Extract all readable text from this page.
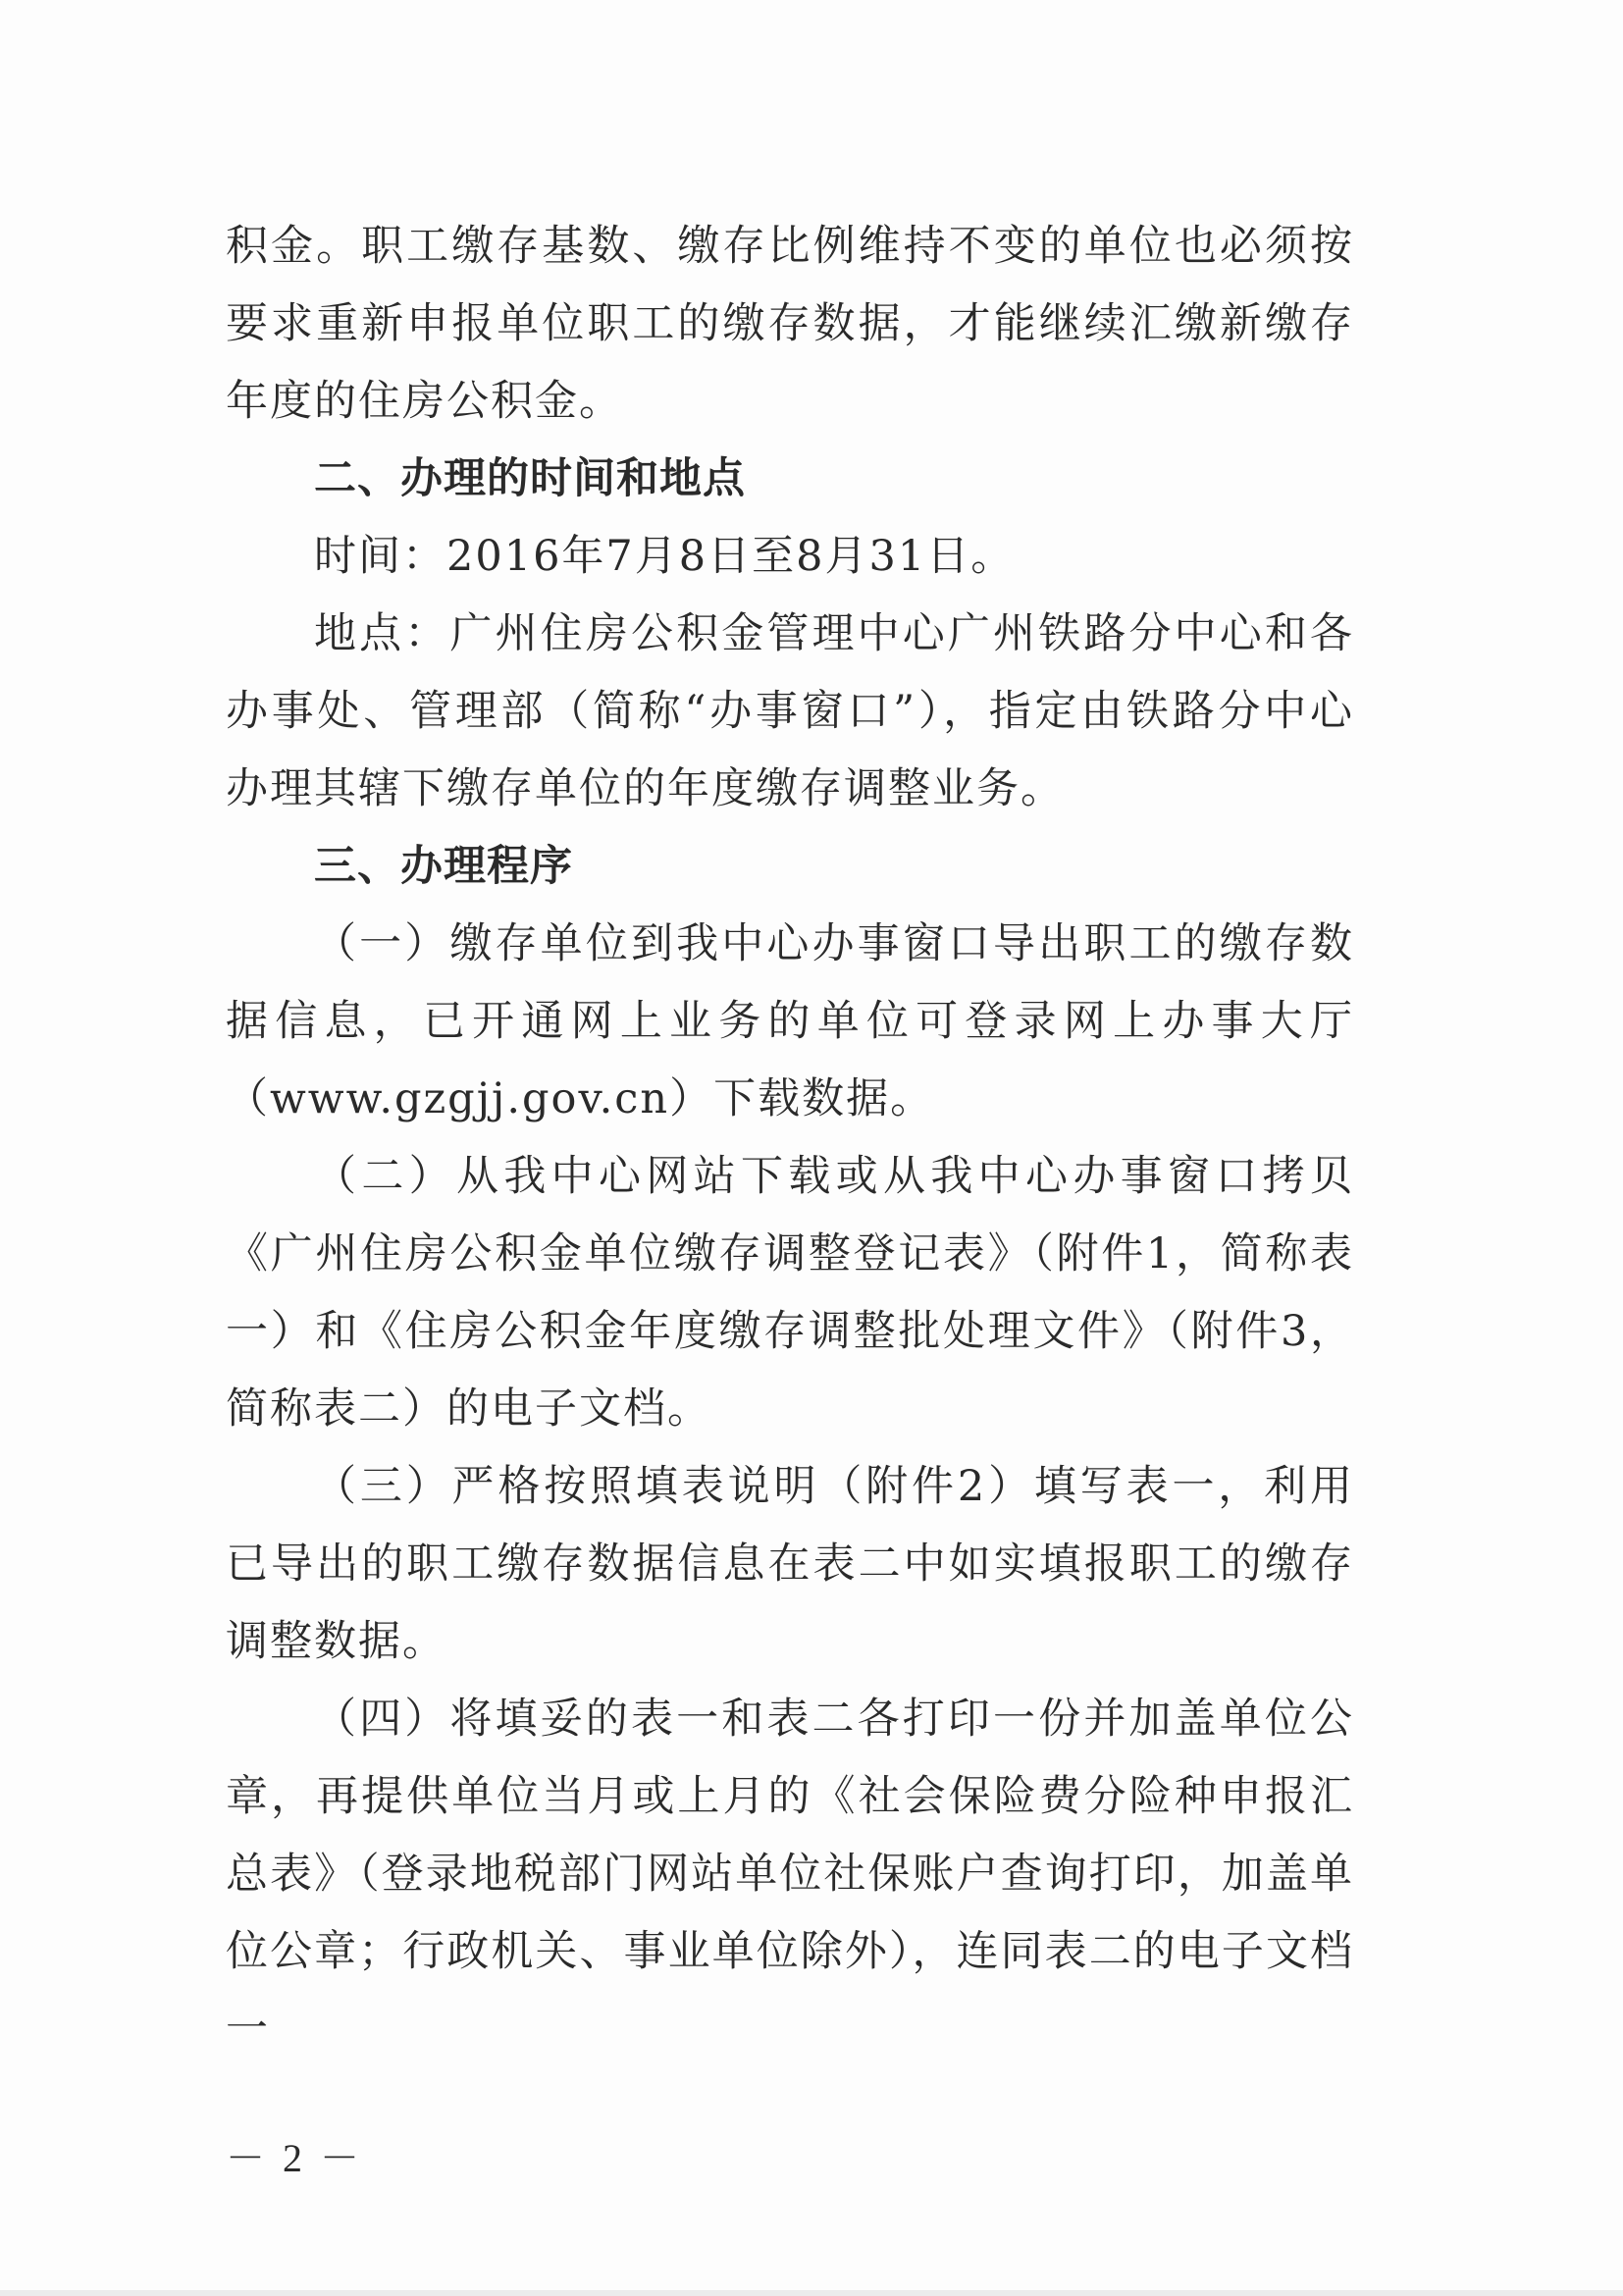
积金。职工缴存基数、缴存比例维持不变的单位也必须按要求重新申报单位职工的缴存数据，才能继续汇缴新缴存年度的住房公积金。

二、办理的时间和地点

时间：2016年7月8日至8月31日。

地点：广州住房公积金管理中心广州铁路分中心和各办事处、管理部（简称“办事窗口”），指定由铁路分中心办理其辖下缴存单位的年度缴存调整业务。

三、办理程序

（一）缴存单位到我中心办事窗口导出职工的缴存数据信息，已开通网上业务的单位可登录网上办事大厅（www.gzgjj.gov.cn）下载数据。

（二）从我中心网站下载或从我中心办事窗口拷贝《广州住房公积金单位缴存调整登记表》（附件1，简称表一）和《住房公积金年度缴存调整批处理文件》（附件3，简称表二）的电子文档。

（三）严格按照填表说明（附件2）填写表一，利用已导出的职工缴存数据信息在表二中如实填报职工的缴存调整数据。

（四）将填妥的表一和表二各打印一份并加盖单位公章，再提供单位当月或上月的《社会保险费分险种申报汇总表》（登录地税部门网站单位社保账户查询打印，加盖单位公章；行政机关、事业单位除外），连同表二的电子文档一

－ 2 －
